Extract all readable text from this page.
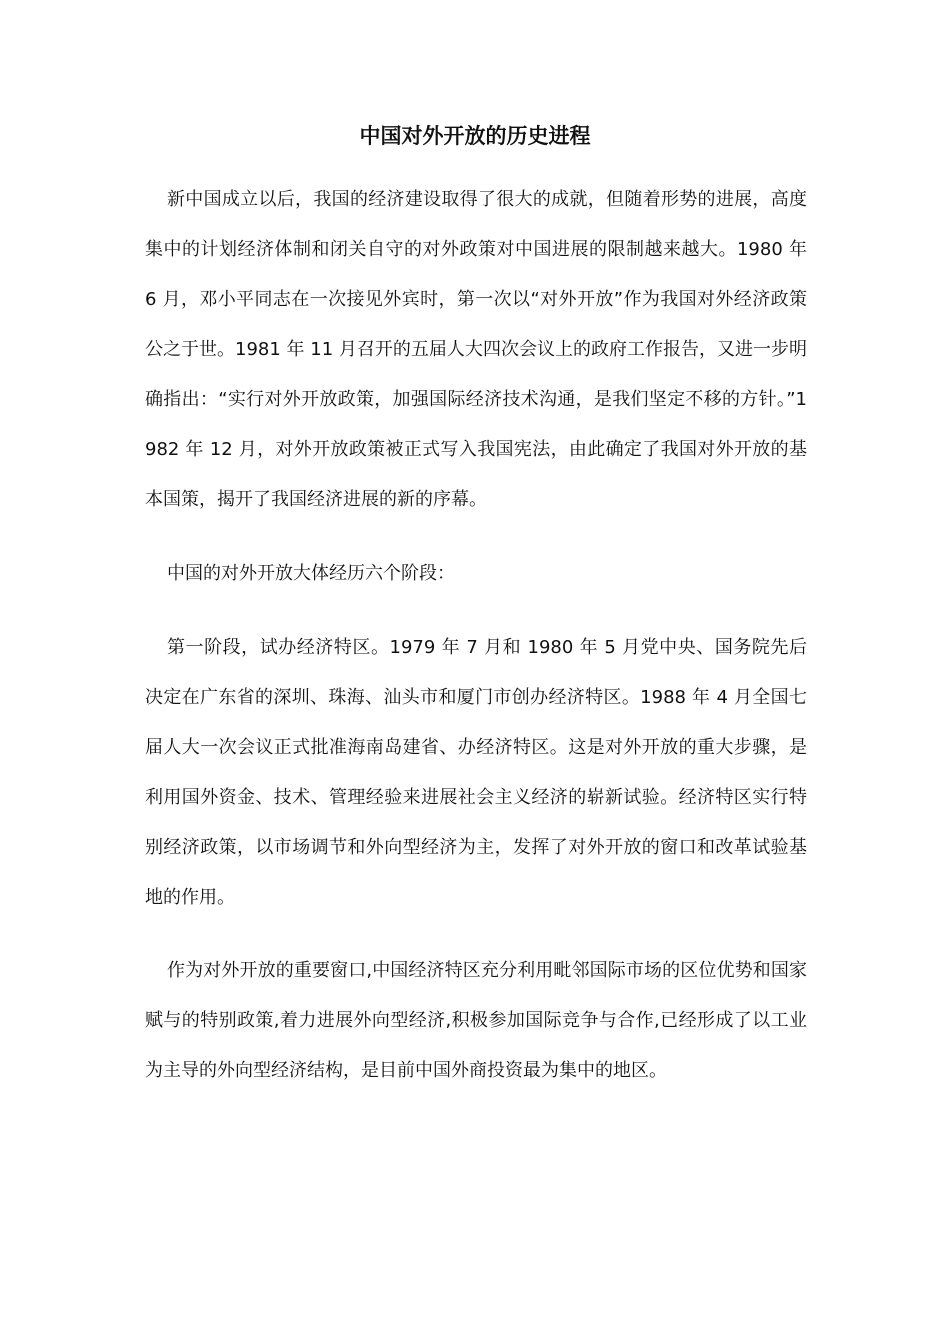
中国对外开放的历史进程

新中国成立以后，我国的经济建设取得了很大的成就，但随着形势的进展，高度集中的计划经济体制和闭关自守的对外政策对中国进展的限制越来越大。1980 年 6 月，邓小平同志在一次接见外宾时，第一次以“对外开放”作为我国对外经济政策公之于世。1981 年 11 月召开的五届人大四次会议上的政府工作报告，又进一步明确指出：“实行对外开放政策，加强国际经济技术沟通，是我们坚定不移的方针。”1982 年 12 月，对外开放政策被正式写入我国宪法，由此确定了我国对外开放的基本国策，揭开了我国经济进展的新的序幕。

中国的对外开放大体经历六个阶段：

第一阶段，试办经济特区。1979 年 7 月和 1980 年 5 月党中央、国务院先后决定在广东省的深圳、珠海、汕头市和厦门市创办经济特区。1988 年 4 月全国七届人大一次会议正式批准海南岛建省、办经济特区。这是对外开放的重大步骤，是利用国外资金、技术、管理经验来进展社会主义经济的崭新试验。经济特区实行特别经济政策，以市场调节和外向型经济为主，发挥了对外开放的窗口和改革试验基地的作用。

作为对外开放的重要窗口,中国经济特区充分利用毗邻国际市场的区位优势和国家赋与的特别政策,着力进展外向型经济,积极参加国际竞争与合作,已经形成了以工业为主导的外向型经济结构，是目前中国外商投资最为集中的地区。
